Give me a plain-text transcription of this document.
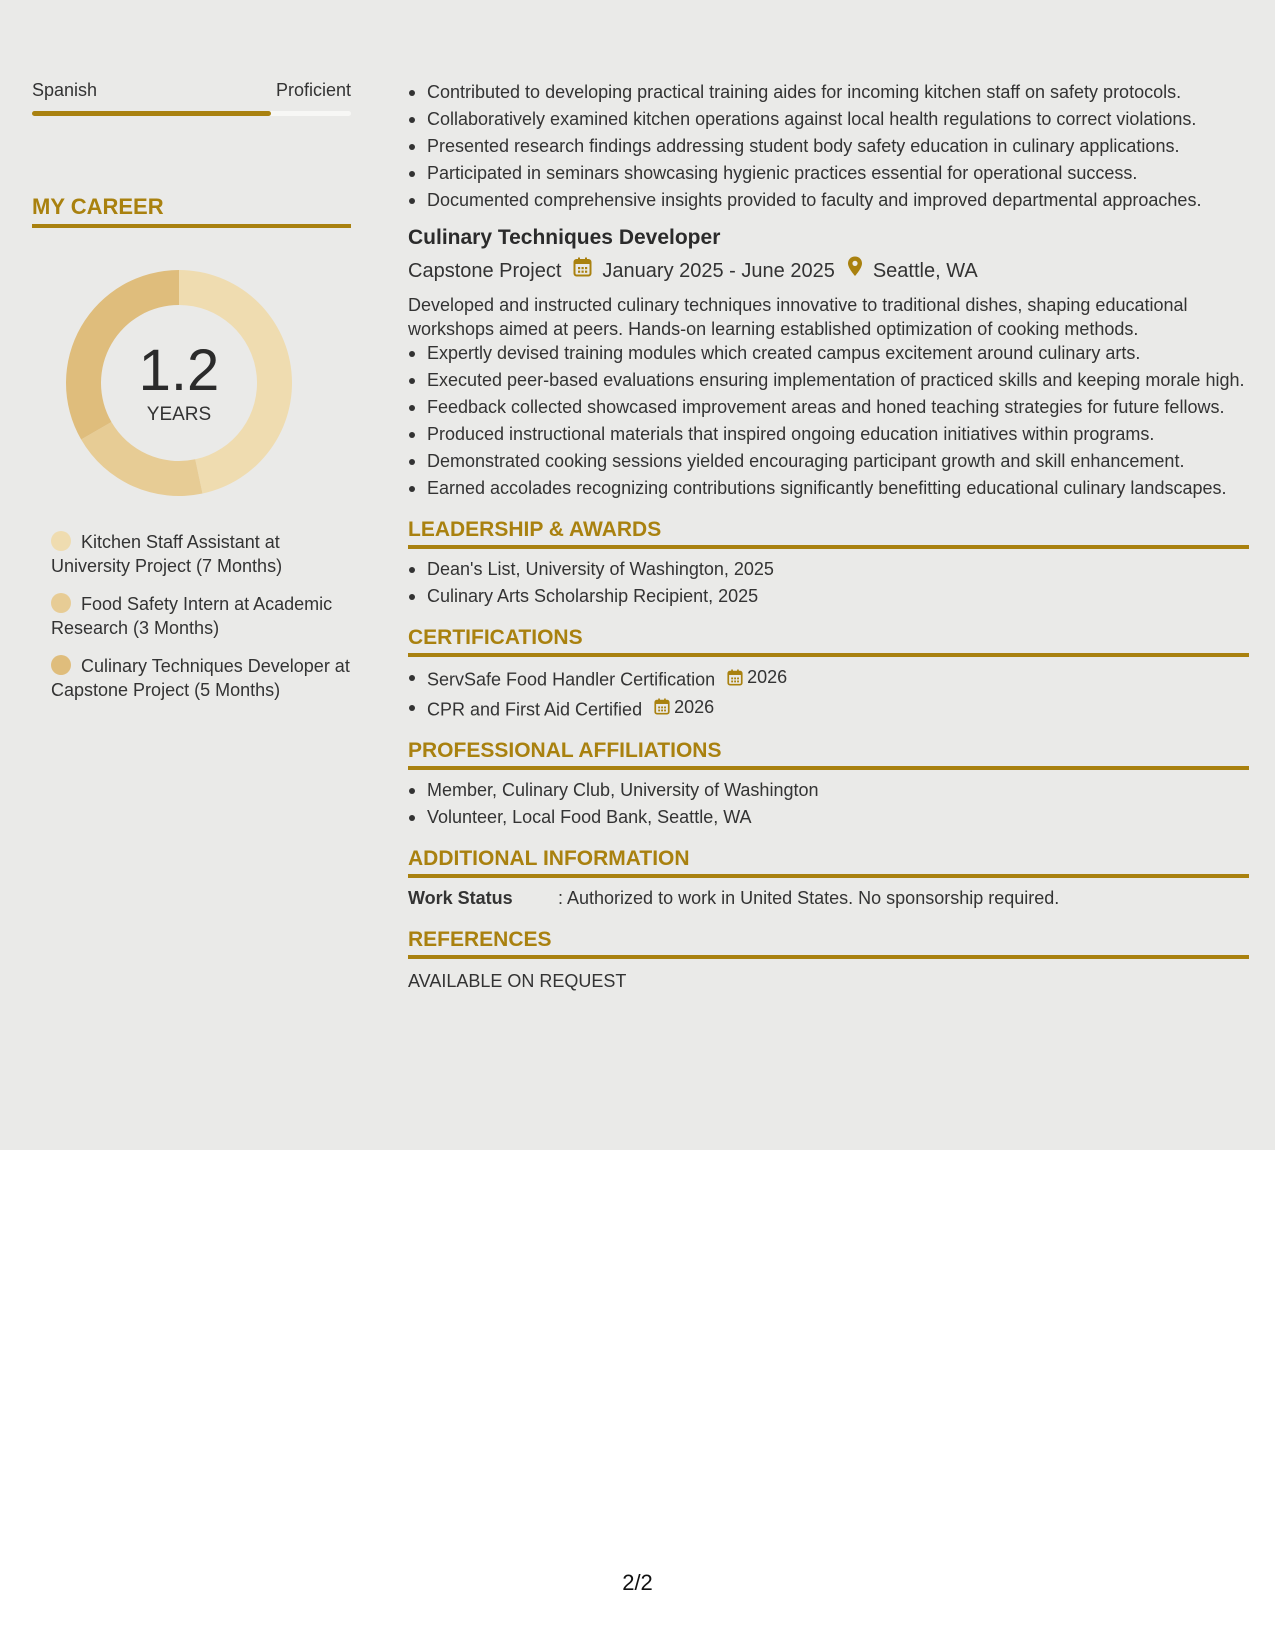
Spanish	Proficient
MY CAREER
1.2
YEARS
Kitchen Staff Assistant at University Project (7 Months)
Food Safety Intern at Academic Research (3 Months)
Culinary Techniques Developer at Capstone Project (5 Months)
Contributed to developing practical training aides for incoming kitchen staff on safety protocols.
Collaboratively examined kitchen operations against local health regulations to correct violations.
Presented research findings addressing student body safety education in culinary applications.
Participated in seminars showcasing hygienic practices essential for operational success.
Documented comprehensive insights provided to faculty and improved departmental approaches.
Culinary Techniques Developer
Capstone Project January 2025 - June 2025 Seattle, WA
Developed and instructed culinary techniques innovative to traditional dishes, shaping educational workshops aimed at peers. Hands-on learning established optimization of cooking methods.
Expertly devised training modules which created campus excitement around culinary arts.
Executed peer-based evaluations ensuring implementation of practiced skills and keeping morale high.
Feedback collected showcased improvement areas and honed teaching strategies for future fellows.
Produced instructional materials that inspired ongoing education initiatives within programs.
Demonstrated cooking sessions yielded encouraging participant growth and skill enhancement.
Earned accolades recognizing contributions significantly benefitting educational culinary landscapes.
LEADERSHIP & AWARDS
Dean's List, University of Washington, 2025
Culinary Arts Scholarship Recipient, 2025
CERTIFICATIONS
ServSafe Food Handler Certification 2026
CPR and First Aid Certified 2026
PROFESSIONAL AFFILIATIONS
Member, Culinary Club, University of Washington
Volunteer, Local Food Bank, Seattle, WA
ADDITIONAL INFORMATION
Work Status	: Authorized to work in United States. No sponsorship required.
REFERENCES
AVAILABLE ON REQUEST
2/2
